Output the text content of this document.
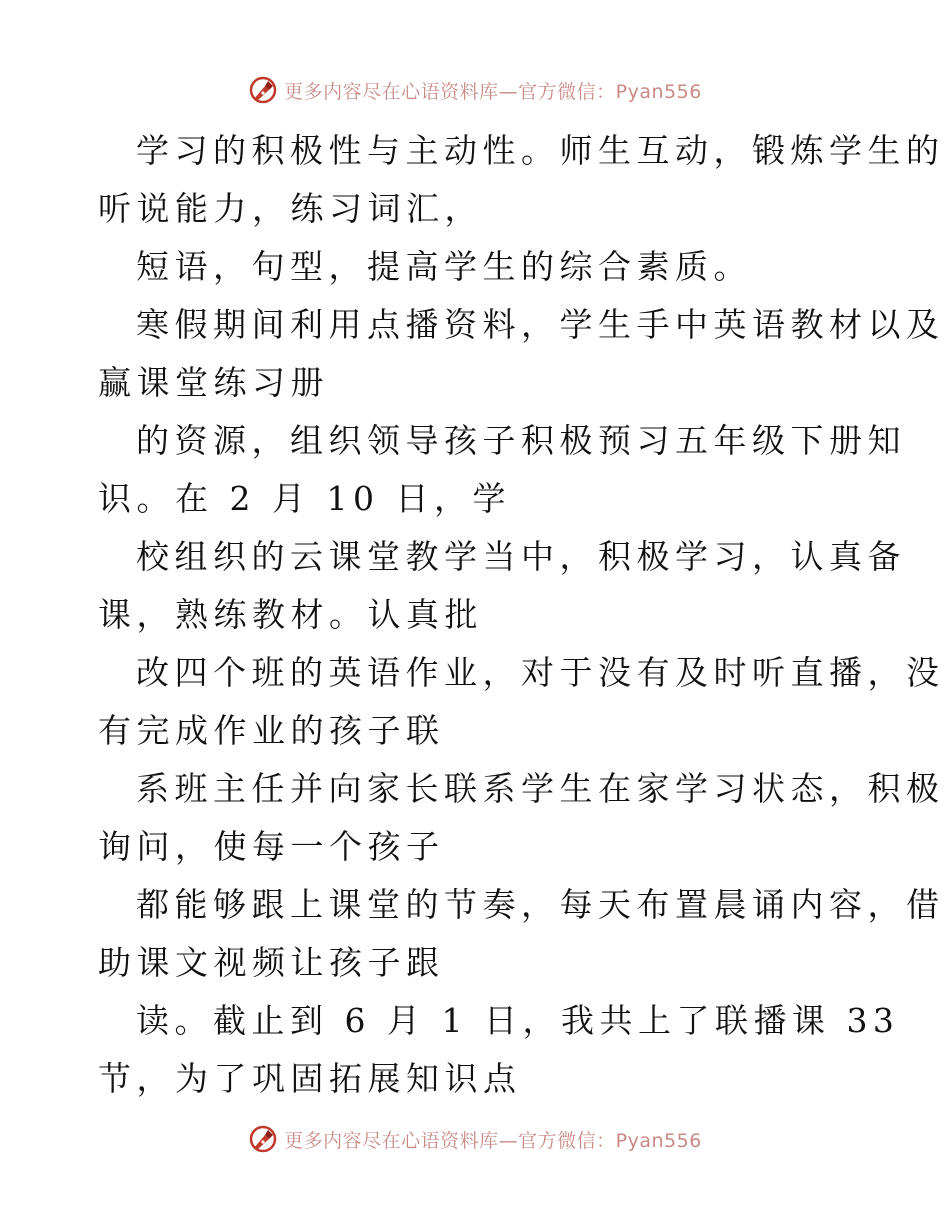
更多内容尽在心语资料库—官方微信：Pyan556
学习的积极性与主动性。师生互动，锻炼学生的
听说能力，练习词汇，
短语，句型，提高学生的综合素质。
寒假期间利用点播资料，学生手中英语教材以及
赢课堂练习册
的资源，组织领导孩子积极预习五年级下册知
识。在 2 月 10 日，学
校组织的云课堂教学当中，积极学习，认真备
课，熟练教材。认真批
改四个班的英语作业，对于没有及时听直播，没
有完成作业的孩子联
系班主任并向家长联系学生在家学习状态，积极
询问，使每一个孩子
都能够跟上课堂的节奏，每天布置晨诵内容，借
助课文视频让孩子跟
读。截止到 6 月 1 日，我共上了联播课 33
节，为了巩固拓展知识点
更多内容尽在心语资料库—官方微信：Pyan556
